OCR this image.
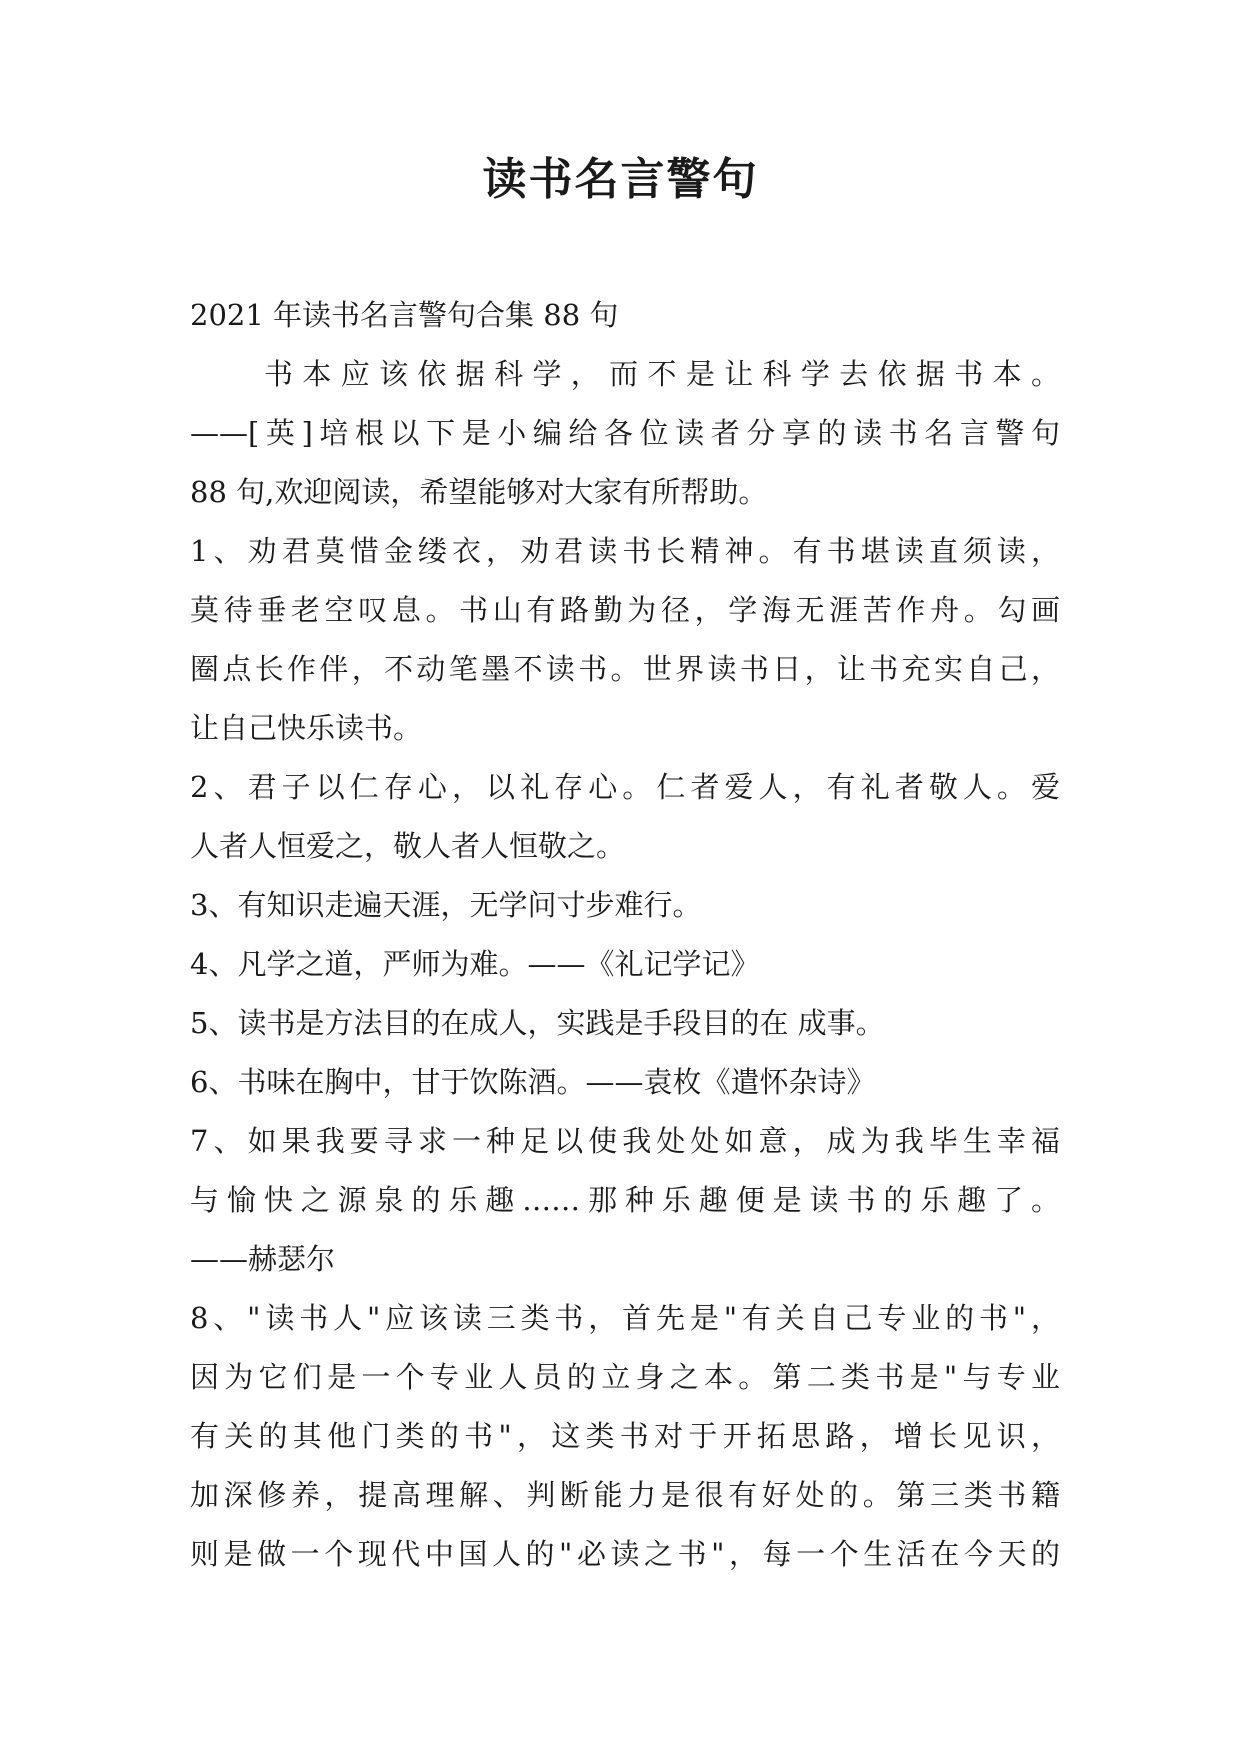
读书名言警句
2021 年读书名言警句合集 88 句
书本应该依据科学，而不是让科学去依据书本。
——[英]培根以下是小编给各位读者分享的读书名言警句
88 句,欢迎阅读，希望能够对大家有所帮助。
1、劝君莫惜金缕衣，劝君读书长精神。有书堪读直须读，
莫待垂老空叹息。书山有路勤为径，学海无涯苦作舟。勾画
圈点长作伴，不动笔墨不读书。世界读书日，让书充实自己，
让自己快乐读书。
2、君子以仁存心，以礼存心。仁者爱人，有礼者敬人。爱
人者人恒爱之，敬人者人恒敬之。
3、有知识走遍天涯，无学问寸步难行。
4、凡学之道，严师为难。——《礼记学记》
5、读书是方法目的在成人，实践是手段目的在 成事。
6、书味在胸中，甘于饮陈酒。——袁枚《遣怀杂诗》
7、如果我要寻求一种足以使我处处如意，成为我毕生幸福
与愉快之源泉的乐趣……那种乐趣便是读书的乐趣了。
——赫瑟尔
8、"读书人"应该读三类书，首先是"有关自己专业的书"，
因为它们是一个专业人员的立身之本。第二类书是"与专业
有关的其他门类的书"，这类书对于开拓思路，增长见识，
加深修养，提高理解、判断能力是很有好处的。第三类书籍
则是做一个现代中国人的"必读之书"，每一个生活在今天的
